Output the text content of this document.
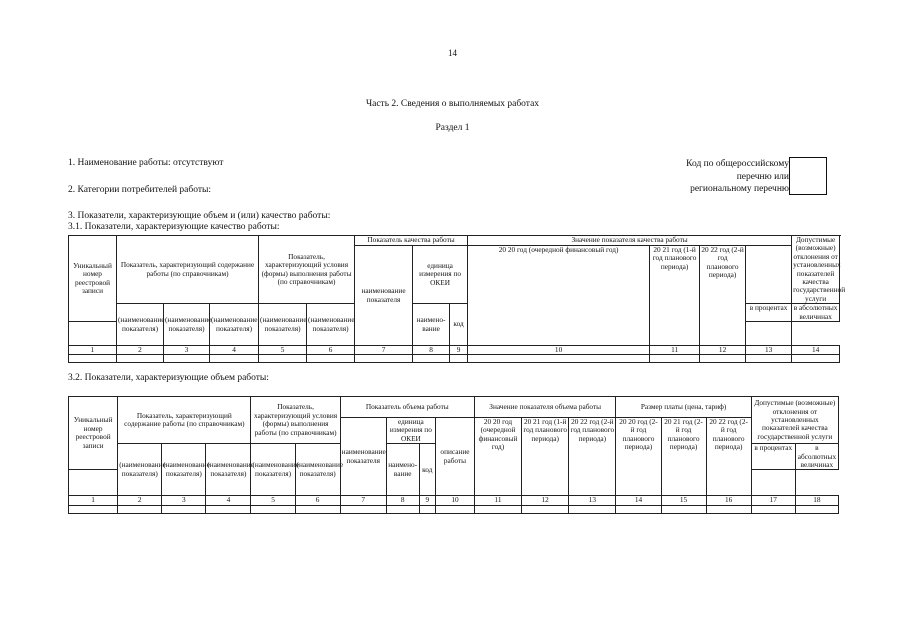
14
Часть 2. Сведения о выполняемых работах
Раздел 1
1. Наименование работы: отсутствуют
2. Категории потребителей работы:
Код по общероссийскому
перечню или
региональному перечню
3. Показатели, характеризующие объем и (или) качество работы:
3.1. Показатели, характеризующие качество работы:
Уникальный номер реестровой записи	Показатель, характеризующий содержание работы (по справочникам)			Показатель, характеризующий условия (формы) выполнения работы (по справочникам)		Показатель качества работы			Значение показателя качества работы				Допустимые (возможные) отклонения от установленных показателей качества государственной услуги
						наименование показателя	единица измерения по ОКЕИ		20 20 год (очередной финансовый год)	20 21 год (1-й год планового периода)	20 22 год (2-й год планового периода)	
	(наименование показателя)	(наименование показателя)	(наименование показателя)	(наименование показателя)	(наименование показателя)		наимено-вание	код				в процентах	в абсолютных величинах

1	2	3	4	5	6	7	8	9	10	11	12	13	14

3.2. Показатели, характеризующие объем работы:
Уникальный номер реестровой записи	Показатель, характеризующий содержание работы (по справочникам)			Показатель, характеризующий условия (формы) выполнения работы (по справочникам)		Показатель объема работы				Значение показателя объема работы			Размер платы (цена, тариф)			Допустимые (возможные) отклонения от установленных показателей качества государственной услуги	
						наименование показателя	единица измерения по ОКЕИ		описание работы	20 20 год (очередной финансовый год)	20 21 год (1-й год планового периода)	20 22 год (2-й год планового периода)	20 20 год (2-й год планового периода)	20 21 год (2-й год планового периода)	20 22 год (2-й год планового периода)		
	(наименование показателя)	(наименование показателя)	(наименование показателя)	(наименование показателя)	(наименование показателя)		наимено-вание	код								в процентах	в абсолютных величинах

1	2	3	4	5	6	7	8	9	10	11	12	13	14	15	16	17	18
